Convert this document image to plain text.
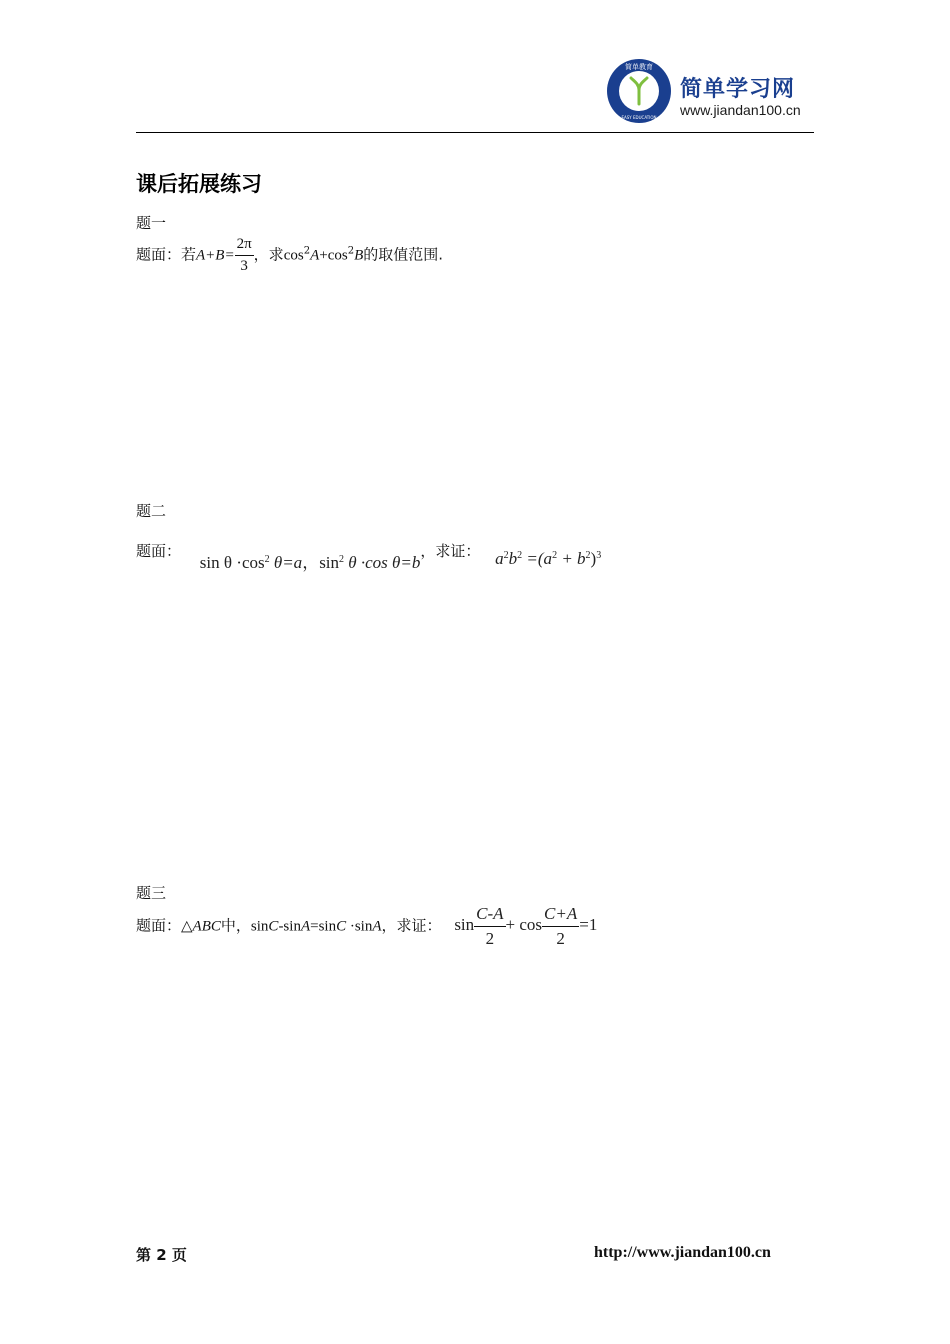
简单教育
EASY EDUCATION
简单学习网
www.jiandan100.cn
课后拓展练习
题一
题面：若$A+B= \frac{2\pi}{3}$ ，求$\cos^2A+\cos^2B$的取值范围.
题二
题面： $\sin \theta \cdot\cos^2$ θ=a，$\sin^2 \theta \cdot\cos$ θ=b，求证： $a^2b^2 =(a^2 + b^2)^3$
题三
题面：△ABC中，sinC-sinA=sinC ·sinA，求证： $\sin \frac{C-A}{2} + \cos \frac{C+A}{2} =1$
第 2 页	http://www.jiandan100.cn
